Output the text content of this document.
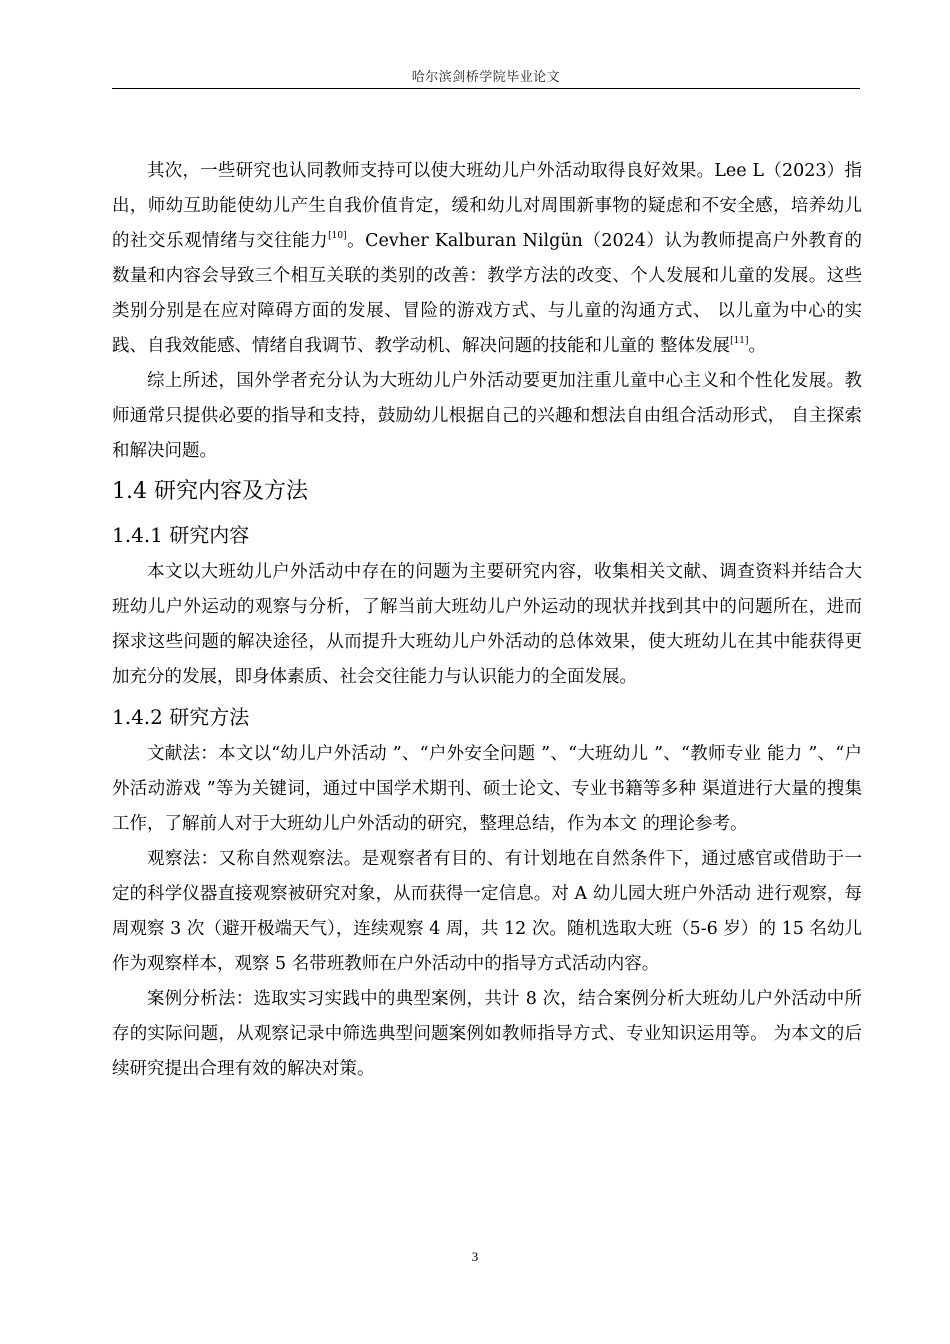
哈尔滨剑桥学院毕业论文

其次，一些研究也认同教师支持可以使大班幼儿户外活动取得良好效果。Lee L（2023）指出，师幼互助能使幼儿产生自我价值肯定，缓和幼儿对周围新事物的疑虑和不安全感，培养幼儿的社交乐观情绪与交往能力[10]。Cevher Kalburan Nilgün（2024）认为教师提高户外教育的数量和内容会导致三个相互关联的类别的改善：教学方法的改变、个人发展和儿童的发展。这些类别分别是在应对障碍方面的发展、冒险的游戏方式、与儿童的沟通方式、 以儿童为中心的实践、自我效能感、情绪自我调节、教学动机、解决问题的技能和儿童的 整体发展[11]。

综上所述，国外学者充分认为大班幼儿户外活动要更加注重儿童中心主义和个性化发展。教师通常只提供必要的指导和支持，鼓励幼儿根据自己的兴趣和想法自由组合活动形式， 自主探索和解决问题。

1.4 研究内容及方法
1.4.1 研究内容

本文以大班幼儿户外活动中存在的问题为主要研究内容，收集相关文献、调查资料并结合大班幼儿户外运动的观察与分析，了解当前大班幼儿户外运动的现状并找到其中的问题所在，进而探求这些问题的解决途径，从而提升大班幼儿户外活动的总体效果，使大班幼儿在其中能获得更加充分的发展，即身体素质、社会交往能力与认识能力的全面发展。

1.4.2 研究方法

文献法：本文以“幼儿户外活动 ”、“户外安全问题 ”、“大班幼儿 ”、“教师专业 能力 ”、“户外活动游戏 ”等为关键词，通过中国学术期刊、硕士论文、专业书籍等多种 渠道进行大量的搜集工作，了解前人对于大班幼儿户外活动的研究，整理总结，作为本文 的理论参考。

观察法：又称自然观察法。是观察者有目的、有计划地在自然条件下，通过感官或借助于一定的科学仪器直接观察被研究对象，从而获得一定信息。对 A 幼儿园大班户外活动 进行观察，每周观察 3 次（避开极端天气），连续观察 4 周，共 12 次。随机选取大班（5-6 岁）的 15 名幼儿作为观察样本，观察 5 名带班教师在户外活动中的指导方式活动内容。

案例分析法：选取实习实践中的典型案例，共计 8 次，结合案例分析大班幼儿户外活动中所存的实际问题，从观察记录中筛选典型问题案例如教师指导方式、专业知识运用等。 为本文的后续研究提出合理有效的解决对策。

3
